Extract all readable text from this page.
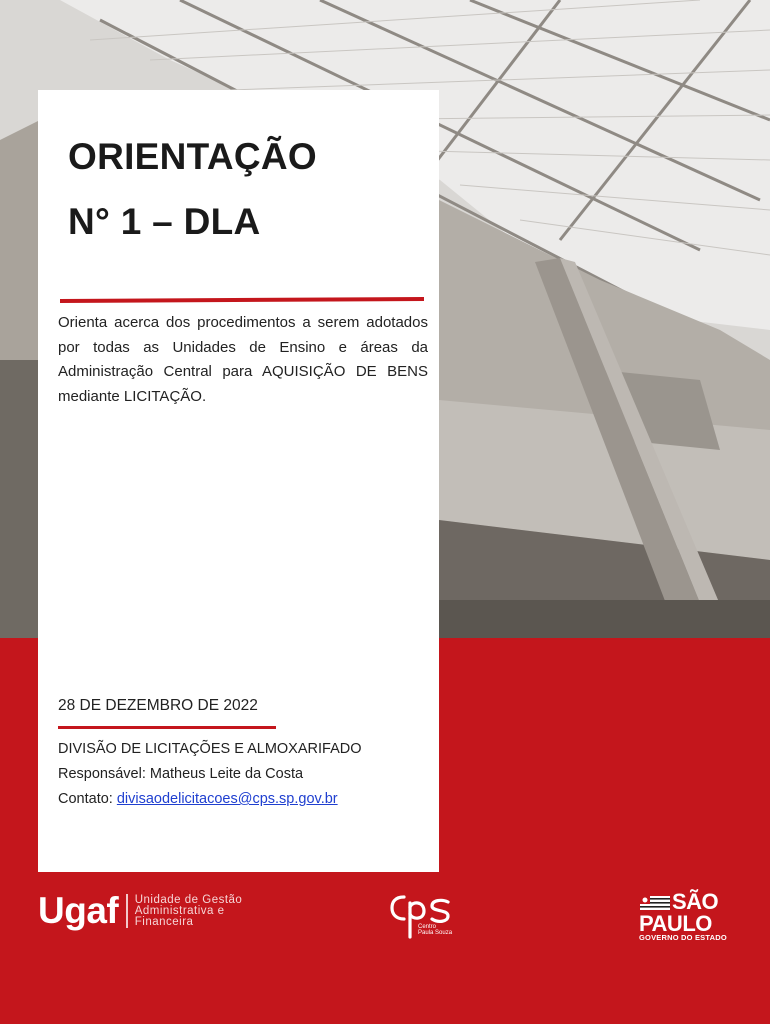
ORIENTAÇÃO
N° 1 – DLA

Orienta acerca dos procedimentos a serem adotados por todas as Unidades de Ensino e áreas da Administração Central para AQUISIÇÃO DE BENS mediante LICITAÇÃO.

28 DE DEZEMBRO DE 2022

DIVISÃO DE LICITAÇÕES E ALMOXARIFADO

Responsável: Matheus Leite da Costa

Contato: divisaodelicitacoes@cps.sp.gov.br

Ugaf Unidade de Gestão
Administrativa e
Financeira	Centro
Paula Souza
SÃO
PAULO
GOVERNO DO ESTADO
